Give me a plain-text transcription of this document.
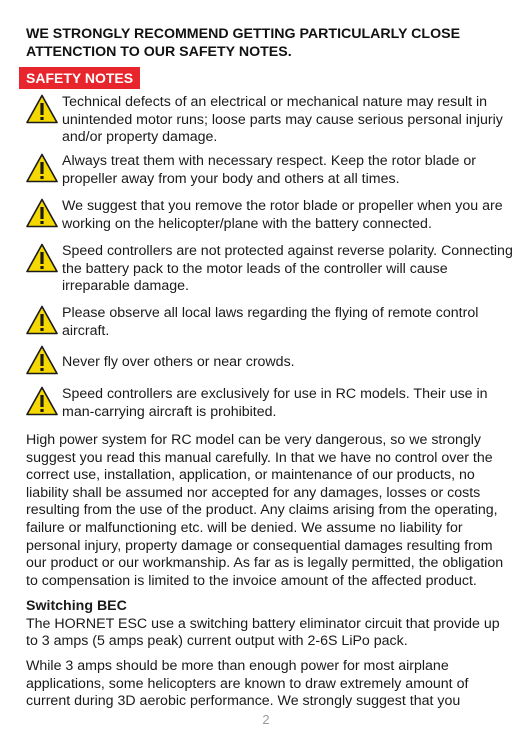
WE STRONGLY RECOMMEND GETTING PARTICULARLY CLOSE ATTENCTION TO OUR SAFETY NOTES.
SAFETY NOTES
Technical defects of an electrical or mechanical nature may result in unintended motor runs; loose parts may cause serious personal injuriy and/or property damage.
Always treat them with necessary respect. Keep the rotor blade or propeller away from your body and others at all times.
We suggest that you remove the rotor blade or propeller when you are working on the helicopter/plane with the battery connected.
Speed controllers are not protected against reverse polarity. Connecting the battery pack to the motor leads of the controller will cause irreparable damage.
Please observe all local laws regarding the flying of remote control aircraft.
Never fly over others or near crowds.
Speed controllers are exclusively for use in RC models. Their use in man-carrying aircraft is prohibited.
High power system for RC model can be very dangerous, so we strongly suggest you read this manual carefully. In that we have no control over the correct use, installation, application, or maintenance of our products, no liability shall be assumed nor accepted for any damages, losses or costs resulting from the use of the product. Any claims arising from the operating, failure or malfunctioning etc. will be denied. We assume no liability for personal injury, property damage or consequential damages resulting from our product or our workmanship. As far as is legally permitted, the obligation to compensation is limited to the invoice amount of the affected product.
Switching BEC
The HORNET ESC use a switching battery eliminator circuit that provide up to 3 amps (5 amps peak) current output with 2-6S LiPo pack.
While 3 amps should be more than enough power for most airplane applications, some helicopters are known to draw extremely amount of current during 3D aerobic performance. We strongly suggest that you
2
